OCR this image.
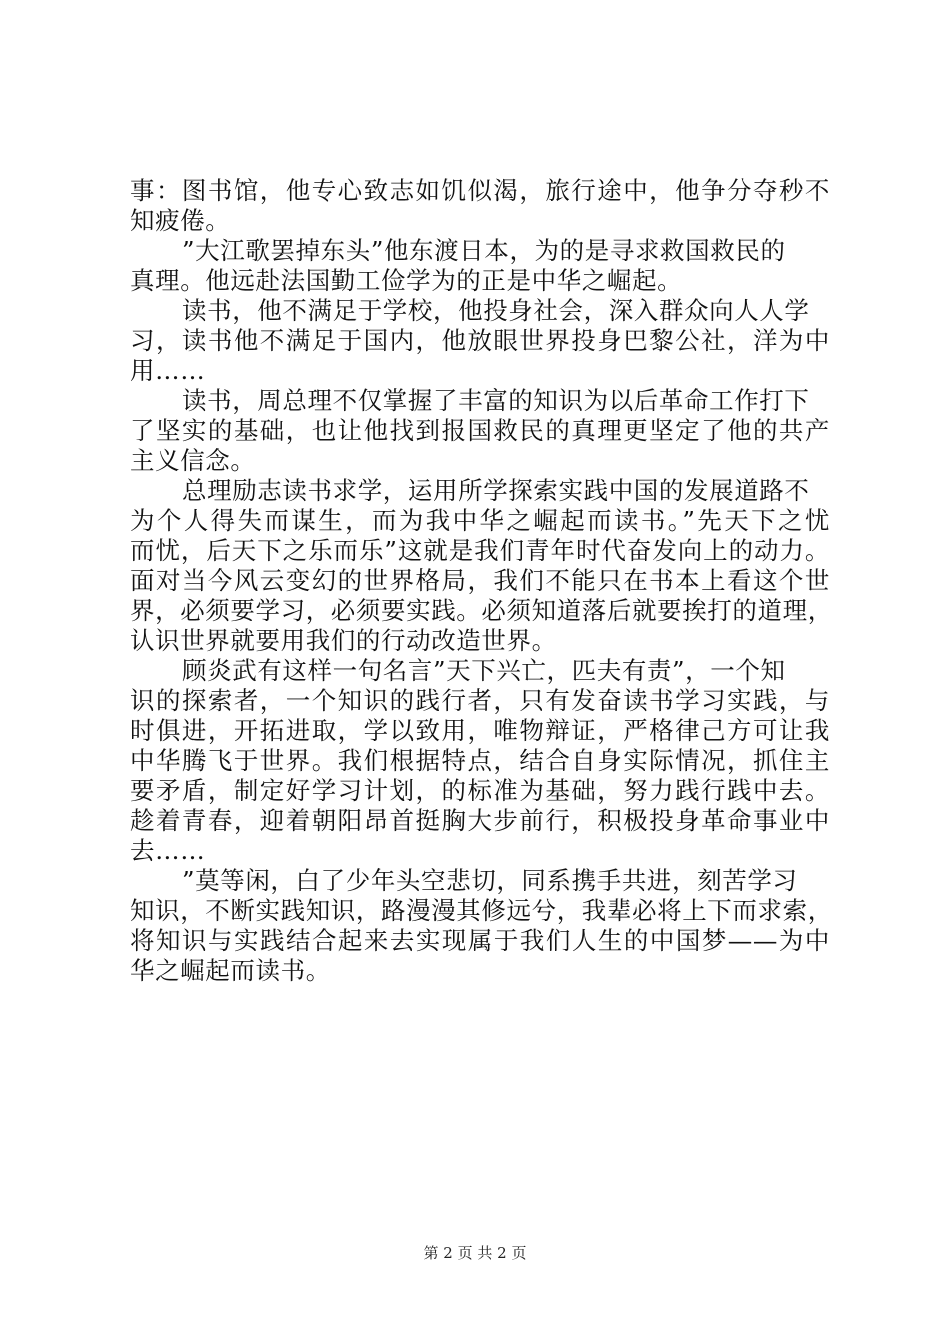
事：图书馆，他专心致志如饥似渴，旅行途中，他争分夺秒不
知疲倦。
”大江歌罢掉东头”他东渡日本，为的是寻求救国救民的
真理。他远赴法国勤工俭学为的正是中华之崛起。
读书，他不满足于学校，他投身社会，深入群众向人人学
习，读书他不满足于国内，他放眼世界投身巴黎公社，洋为中
用……
读书，周总理不仅掌握了丰富的知识为以后革命工作打下
了坚实的基础，也让他找到报国救民的真理更坚定了他的共产
主义信念。
总理励志读书求学，运用所学探索实践中国的发展道路不
为个人得失而谋生，而为我中华之崛起而读书。”先天下之忧
而忧，后天下之乐而乐”这就是我们青年时代奋发向上的动力。
面对当今风云变幻的世界格局，我们不能只在书本上看这个世
界，必须要学习，必须要实践。必须知道落后就要挨打的道理，
认识世界就要用我们的行动改造世界。
顾炎武有这样一句名言”天下兴亡，匹夫有责”，一个知
识的探索者，一个知识的践行者，只有发奋读书学习实践，与
时俱进，开拓进取，学以致用，唯物辩证，严格律己方可让我
中华腾飞于世界。我们根据特点，结合自身实际情况，抓住主
要矛盾，制定好学习计划，的标准为基础，努力践行践中去。
趁着青春，迎着朝阳昂首挺胸大步前行，积极投身革命事业中
去……
”莫等闲，白了少年头空悲切，同系携手共进，刻苦学习
知识，不断实践知识，路漫漫其修远兮，我辈必将上下而求索，
将知识与实践结合起来去实现属于我们人生的中国梦——为中
华之崛起而读书。
第 2 页 共 2 页
